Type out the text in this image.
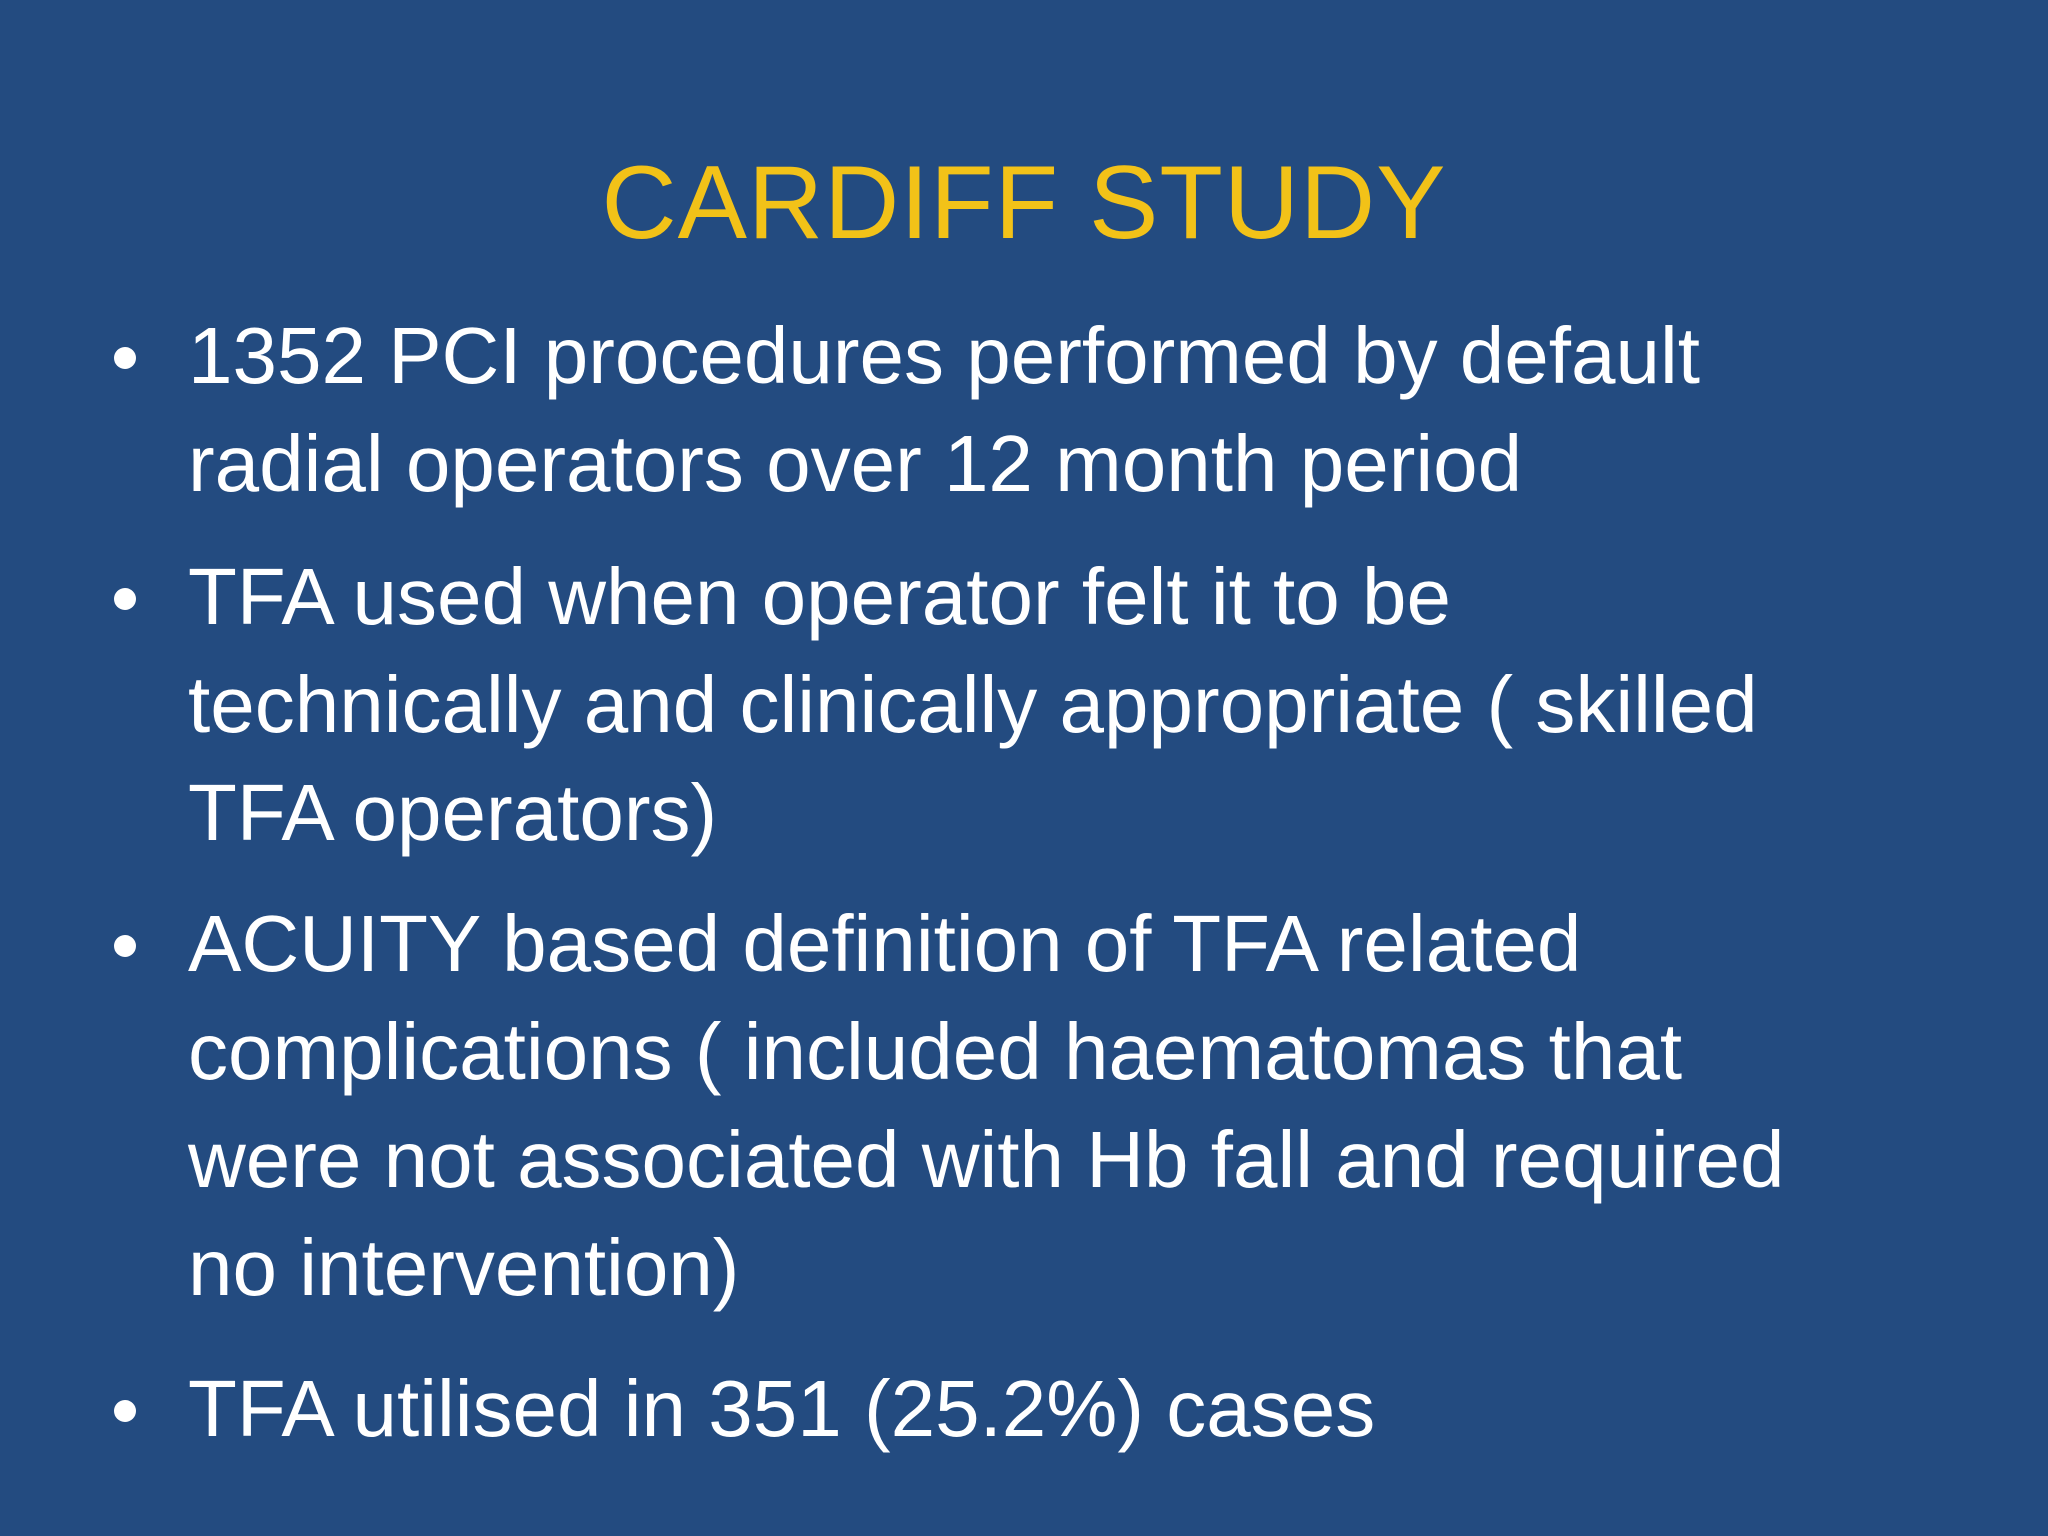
CARDIFF STUDY
1352 PCI procedures performed by default
radial operators over 12 month period
TFA used when operator felt it to be
technically and clinically appropriate ( skilled
TFA operators)
ACUITY based definition of TFA related
complications ( included haematomas that
were not associated with Hb fall and required
no intervention)
TFA utilised in 351 (25.2%) cases
